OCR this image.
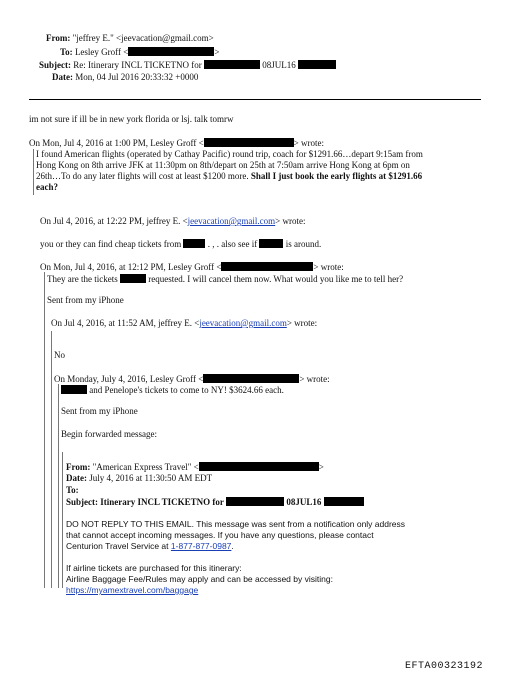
From: "jeffrey E." <jeevacation@gmail.com>
To: Lesley Groff <	>
Subject: Re: Itinerary INCL TICKETNO for	08JUL16
Date: Mon, 04 Jul 2016 20:33:32 +0000
im not sure if ill be in new york florida or lsj. talk tomrw
On Mon, Jul 4, 2016 at 1:00 PM, Lesley Groff <	> wrote:
I found American flights (operated by Cathay Pacific) round trip, coach for $1291.66…depart 9:15am from
Hong Kong on 8th arrive JFK at 11:30pm on 8th/depart on 25th at 7:50am arrive Hong Kong at 6pm on
26th…To do any later flights will cost at least $1200 more. Shall I just book the early flights at $1291.66
each?
On Jul 4, 2016, at 12:22 PM, jeffrey E. <jeevacation@gmail.com> wrote:
you or they can find cheap tickets from	. , . also see if	is around.
On Mon, Jul 4, 2016, at 12:12 PM, Lesley Groff <	> wrote:
They are the tickets	requested. I will cancel them now. What would you like me to tell her?
Sent from my iPhone
On Jul 4, 2016, at 11:52 AM, jeffrey E. <jeevacation@gmail.com> wrote:
No
On Monday, July 4, 2016, Lesley Groff <	> wrote:
and Penelope's tickets to come to NY! $3624.66 each.
Sent from my iPhone
Begin forwarded message:
From: "American Express Travel" <	>
Date: July 4, 2016 at 11:30:50 AM EDT
To:
Subject: Itinerary INCL TICKETNO for	08JUL16
DO NOT REPLY TO THIS EMAIL. This message was sent from a notification only address
that cannot accept incoming messages. If you have any questions, please contact
Centurion Travel Service at 1-877-877-0987.
If airline tickets are purchased for this itinerary:
Airline Baggage Fee/Rules may apply and can be accessed by visiting:
https://myamextravel.com/baggage
EFTA00323192
